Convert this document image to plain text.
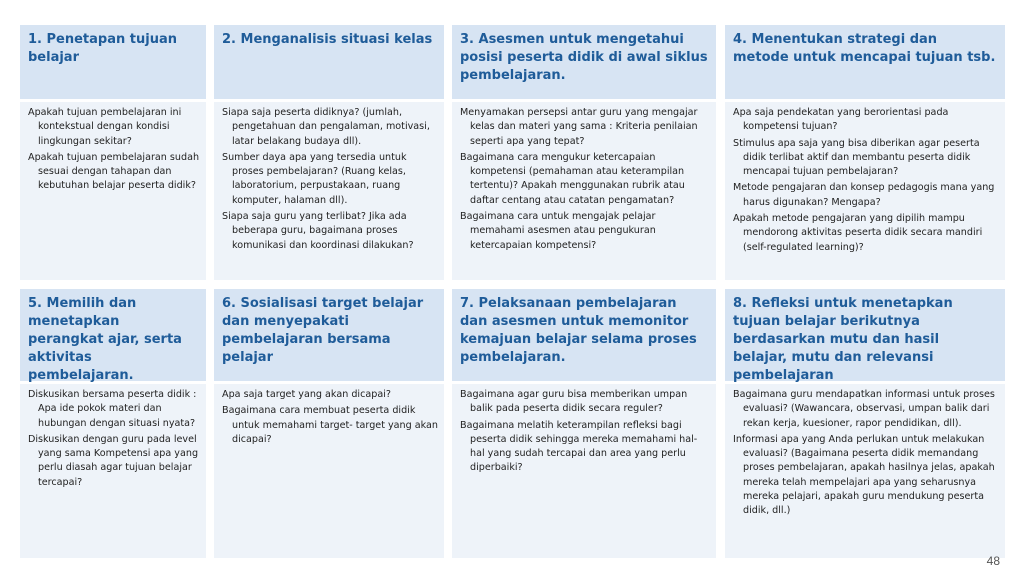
1. Penetapan tujuan belajar

Apakah tujuan pembelajaran ini kontekstual dengan kondisi lingkungan sekitar?

Apakah tujuan pembelajaran sudah sesuai dengan tahapan dan kebutuhan belajar peserta didik?

2. Menganalisis situasi kelas

Siapa saja peserta didiknya? (jumlah, pengetahuan dan pengalaman, motivasi, latar belakang budaya dll).

Sumber daya apa yang tersedia untuk proses pembelajaran? (Ruang kelas, laboratorium, perpustakaan, ruang komputer, halaman dll).

Siapa saja guru yang terlibat? Jika ada beberapa guru, bagaimana proses komunikasi dan koordinasi dilakukan?

3. Asesmen untuk mengetahui posisi peserta didik di awal siklus pembelajaran.

Menyamakan persepsi antar guru yang mengajar kelas dan materi yang sama : Kriteria penilaian seperti apa yang tepat?

Bagaimana cara mengukur ketercapaian kompetensi (pemahaman atau keterampilan tertentu)? Apakah menggunakan rubrik atau daftar centang atau catatan pengamatan?

Bagaimana cara untuk mengajak pelajar memahami asesmen atau pengukuran ketercapaian kompetensi?

4. Menentukan strategi dan metode untuk mencapai tujuan tsb.

Apa saja pendekatan yang berorientasi pada kompetensi tujuan?

Stimulus apa saja yang bisa diberikan agar peserta didik terlibat aktif dan membantu peserta didik mencapai tujuan pembelajaran?

Metode pengajaran dan konsep pedagogis mana yang harus digunakan? Mengapa?

Apakah metode pengajaran yang dipilih mampu mendorong aktivitas peserta didik secara mandiri (self-regulated learning)?

5. Memilih dan menetapkan perangkat ajar, serta aktivitas pembelajaran.

Diskusikan bersama peserta didik : Apa ide pokok materi dan hubungan dengan situasi nyata?

Diskusikan dengan guru pada level yang sama Kompetensi apa yang perlu diasah agar tujuan belajar tercapai?

6. Sosialisasi target belajar dan menyepakati pembelajaran bersama pelajar

Apa saja target yang akan dicapai?

Bagaimana cara membuat peserta didik untuk memahami target- target yang akan dicapai?

7. Pelaksanaan pembelajaran dan asesmen untuk memonitor kemajuan belajar selama proses pembelajaran.

Bagaimana agar guru bisa memberikan umpan balik pada peserta didik secara reguler?

Bagaimana melatih keterampilan refleksi bagi peserta didik sehingga mereka memahami hal-hal yang sudah tercapai dan area yang perlu diperbaiki?

8. Refleksi untuk menetapkan tujuan belajar berikutnya berdasarkan mutu dan hasil belajar, mutu dan relevansi pembelajaran

Bagaimana guru mendapatkan informasi untuk proses evaluasi? (Wawancara, observasi, umpan balik dari rekan kerja, kuesioner, rapor pendidikan, dll).

Informasi apa yang Anda perlukan untuk melakukan evaluasi? (Bagaimana peserta didik memandang proses pembelajaran, apakah hasilnya jelas, apakah mereka telah mempelajari apa yang seharusnya mereka pelajari, apakah guru mendukung peserta didik, dll.)

48
